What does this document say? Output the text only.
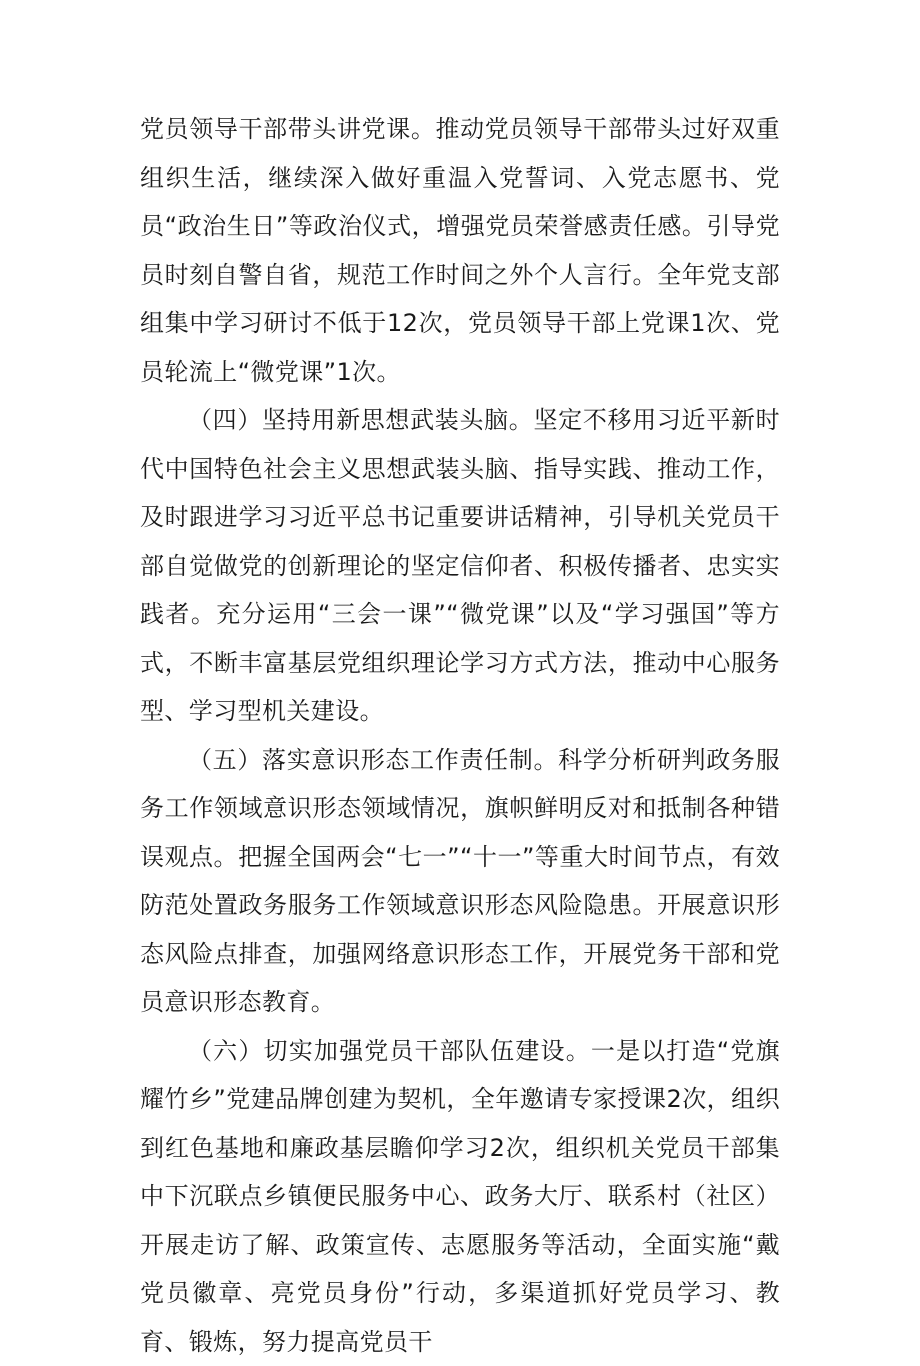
党员领导干部带头讲党课。推动党员领导干部带头过好双重组织生活，继续深入做好重温入党誓词、入党志愿书、党员“政治生日”等政治仪式，增强党员荣誉感责任感。引导党员时刻自警自省，规范工作时间之外个人言行。全年党支部组集中学习研讨不低于12次，党员领导干部上党课1次、党员轮流上“微党课”1次。

（四）坚持用新思想武装头脑。坚定不移用习近平新时代中国特色社会主义思想武装头脑、指导实践、推动工作，及时跟进学习习近平总书记重要讲话精神，引导机关党员干部自觉做党的创新理论的坚定信仰者、积极传播者、忠实实践者。充分运用“三会一课”“微党课”以及“学习强国”等方式，不断丰富基层党组织理论学习方式方法，推动中心服务型、学习型机关建设。

（五）落实意识形态工作责任制。科学分析研判政务服务工作领域意识形态领域情况，旗帜鲜明反对和抵制各种错误观点。把握全国两会“七一”“十一”等重大时间节点，有效防范处置政务服务工作领域意识形态风险隐患。开展意识形态风险点排查，加强网络意识形态工作，开展党务干部和党员意识形态教育。

（六）切实加强党员干部队伍建设。一是以打造“党旗耀竹乡”党建品牌创建为契机，全年邀请专家授课2次，组织到红色基地和廉政基层瞻仰学习2次，组织机关党员干部集中下沉联点乡镇便民服务中心、政务大厅、联系村（社区）开展走访了解、政策宣传、志愿服务等活动，全面实施“戴党员徽章、亮党员身份”行动，多渠道抓好党员学习、教育、锻炼，努力提高党员干
